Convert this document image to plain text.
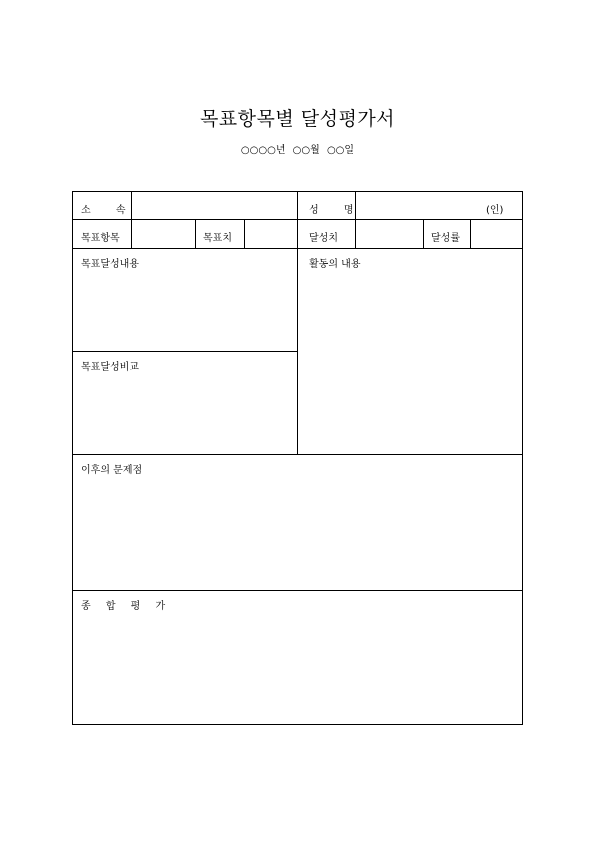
목표항목별 달성평가서
○○○○년 ○○월 ○○일
소 속	성 명	(인)
목표항목	목표치	달성치	달성률
목표달성내용	활동의 내용
목표달성비교
이후의 문제점
종 합 평 가
